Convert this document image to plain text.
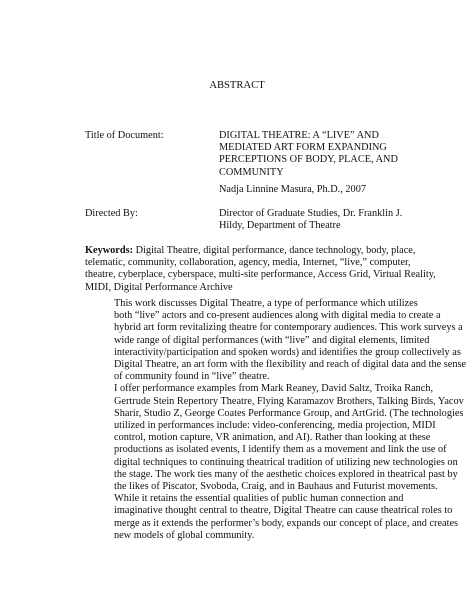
ABSTRACT
Title of Document:	DIGITAL THEATRE: A “LIVE” AND
MEDIATED ART FORM EXPANDING
PERCEPTIONS OF BODY, PLACE, AND
COMMUNITY
Nadja Linnine Masura, Ph.D., 2007
Directed By:	Director of Graduate Studies, Dr. Franklin J.
Hildy, Department of Theatre
Keywords: Digital Theatre, digital performance, dance technology, body, place,
telematic, community, collaboration, agency, media, Internet, “live,” computer,
theatre, cyberplace, cyberspace, multi-site performance, Access Grid, Virtual Reality,
MIDI, Digital Performance Archive

This work discusses Digital Theatre, a type of performance which utilizes
both “live” actors and co-present audiences along with digital media to create a
hybrid art form revitalizing theatre for contemporary audiences. This work surveys a
wide range of digital performances (with “live” and digital elements, limited
interactivity/participation and spoken words) and identifies the group collectively as
Digital Theatre, an art form with the flexibility and reach of digital data and the sense
of community found in “live” theatre.

I offer performance examples from Mark Reaney, David Saltz, Troika Ranch,
Gertrude Stein Repertory Theatre, Flying Karamazov Brothers, Talking Birds, Yacov
Sharir, Studio Z, George Coates Performance Group, and ArtGrid. (The technologies
utilized in performances include: video-conferencing, media projection, MIDI
control, motion capture, VR animation, and AI). Rather than looking at these
productions as isolated events, I identify them as a movement and link the use of
digital techniques to continuing theatrical tradition of utilizing new technologies on
the stage. The work ties many of the aesthetic choices explored in theatrical past by
the likes of Piscator, Svoboda, Craig, and in Bauhaus and Futurist movements.

While it retains the essential qualities of public human connection and
imaginative thought central to theatre, Digital Theatre can cause theatrical roles to
merge as it extends the performer’s body, expands our concept of place, and creates
new models of global community.
